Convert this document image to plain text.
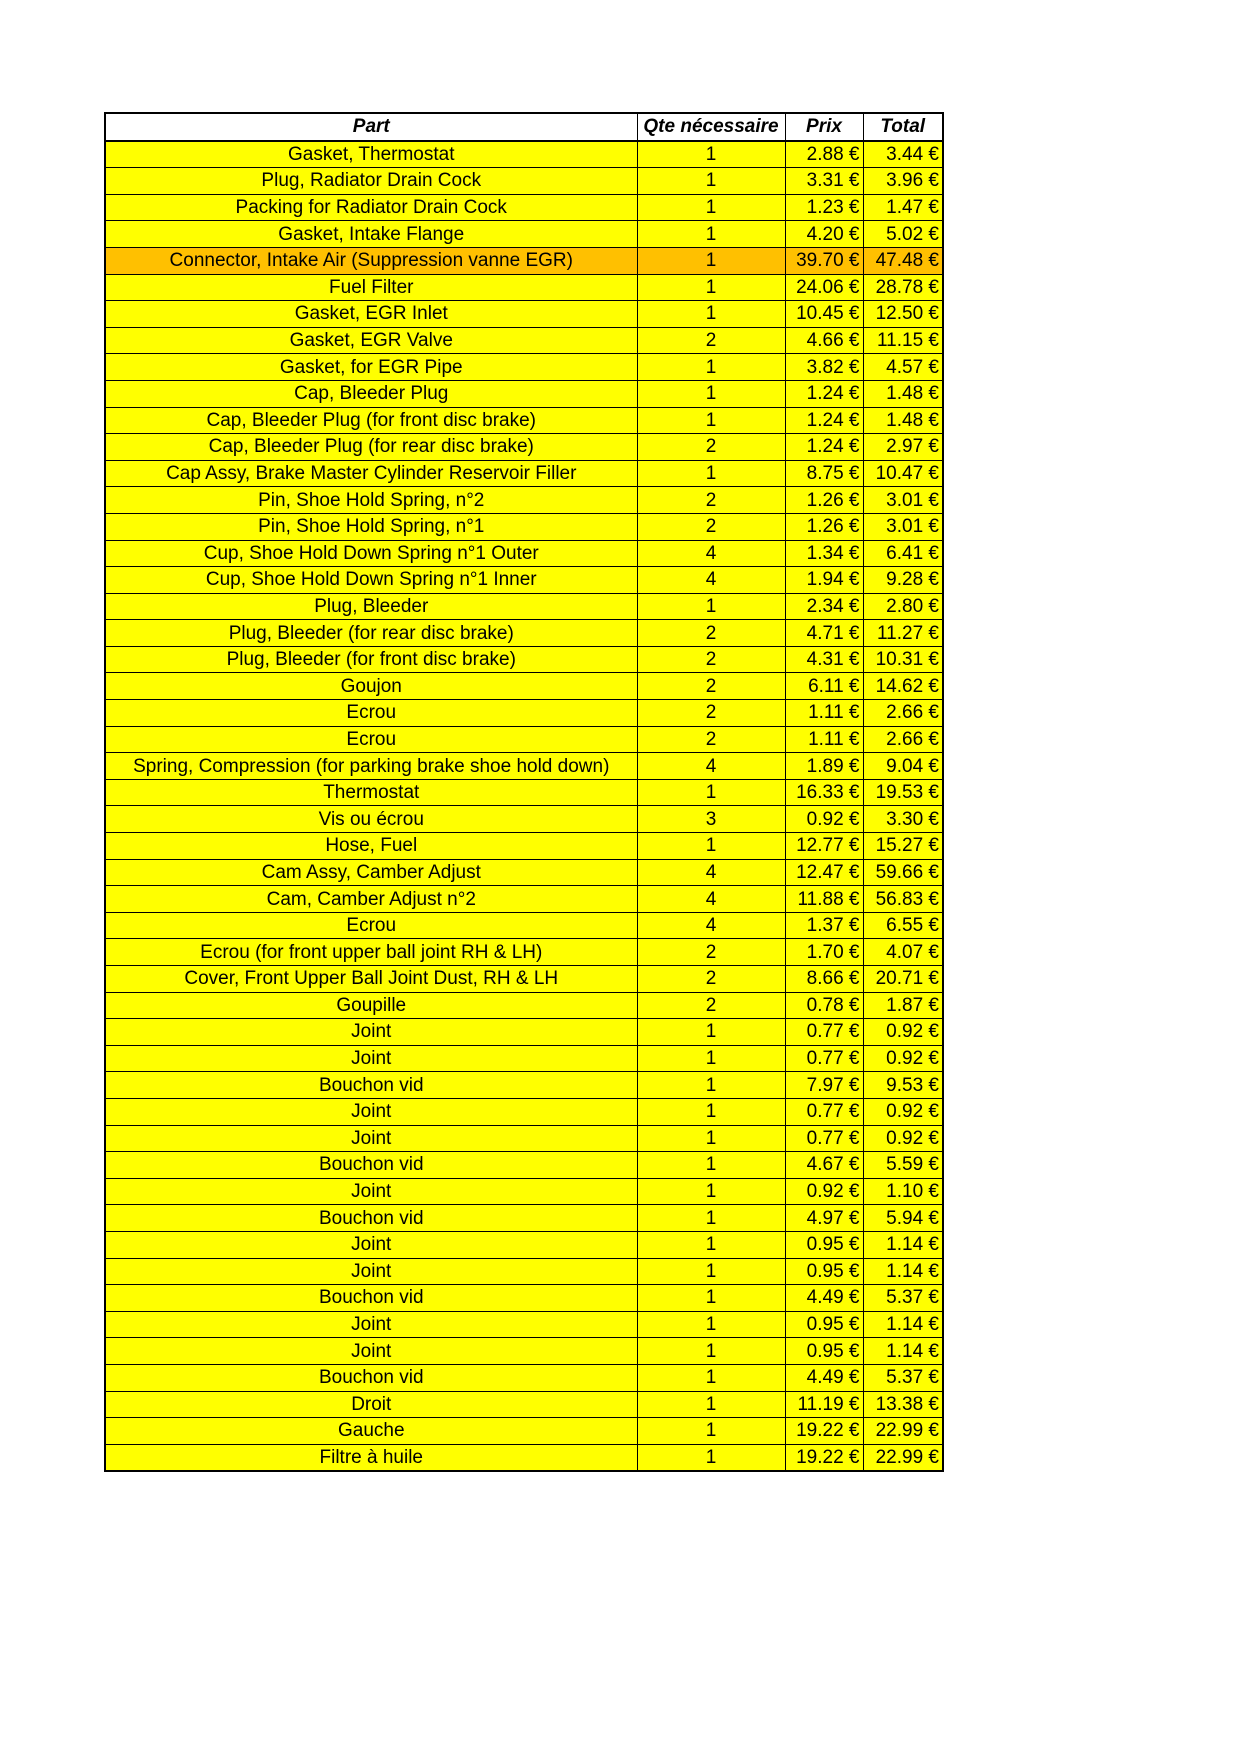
Part	Qte nécessaire	Prix	Total
Gasket, Thermostat	1	2.88 €	3.44 €
Plug, Radiator Drain Cock	1	3.31 €	3.96 €
Packing for Radiator Drain Cock	1	1.23 €	1.47 €
Gasket, Intake Flange	1	4.20 €	5.02 €
Connector, Intake Air (Suppression vanne EGR)	1	39.70 €	47.48 €
Fuel Filter	1	24.06 €	28.78 €
Gasket, EGR Inlet	1	10.45 €	12.50 €
Gasket, EGR Valve	2	4.66 €	11.15 €
Gasket, for EGR Pipe	1	3.82 €	4.57 €
Cap, Bleeder Plug	1	1.24 €	1.48 €
Cap, Bleeder Plug (for front disc brake)	1	1.24 €	1.48 €
Cap, Bleeder Plug (for rear disc brake)	2	1.24 €	2.97 €
Cap Assy, Brake Master Cylinder Reservoir Filler	1	8.75 €	10.47 €
Pin, Shoe Hold Spring, n°2	2	1.26 €	3.01 €
Pin, Shoe Hold Spring, n°1	2	1.26 €	3.01 €
Cup, Shoe Hold Down Spring n°1 Outer	4	1.34 €	6.41 €
Cup, Shoe Hold Down Spring n°1 Inner	4	1.94 €	9.28 €
Plug, Bleeder	1	2.34 €	2.80 €
Plug, Bleeder (for rear disc brake)	2	4.71 €	11.27 €
Plug, Bleeder (for front disc brake)	2	4.31 €	10.31 €
Goujon	2	6.11 €	14.62 €
Ecrou	2	1.11 €	2.66 €
Ecrou	2	1.11 €	2.66 €
Spring, Compression (for parking brake shoe hold down)	4	1.89 €	9.04 €
Thermostat	1	16.33 €	19.53 €
Vis ou écrou	3	0.92 €	3.30 €
Hose, Fuel	1	12.77 €	15.27 €
Cam Assy, Camber Adjust	4	12.47 €	59.66 €
Cam, Camber Adjust n°2	4	11.88 €	56.83 €
Ecrou	4	1.37 €	6.55 €
Ecrou (for front upper ball joint RH & LH)	2	1.70 €	4.07 €
Cover, Front Upper Ball Joint Dust, RH & LH	2	8.66 €	20.71 €
Goupille	2	0.78 €	1.87 €
Joint	1	0.77 €	0.92 €
Joint	1	0.77 €	0.92 €
Bouchon vid	1	7.97 €	9.53 €
Joint	1	0.77 €	0.92 €
Joint	1	0.77 €	0.92 €
Bouchon vid	1	4.67 €	5.59 €
Joint	1	0.92 €	1.10 €
Bouchon vid	1	4.97 €	5.94 €
Joint	1	0.95 €	1.14 €
Joint	1	0.95 €	1.14 €
Bouchon vid	1	4.49 €	5.37 €
Joint	1	0.95 €	1.14 €
Joint	1	0.95 €	1.14 €
Bouchon vid	1	4.49 €	5.37 €
Droit	1	11.19 €	13.38 €
Gauche	1	19.22 €	22.99 €
Filtre à huile	1	19.22 €	22.99 €
